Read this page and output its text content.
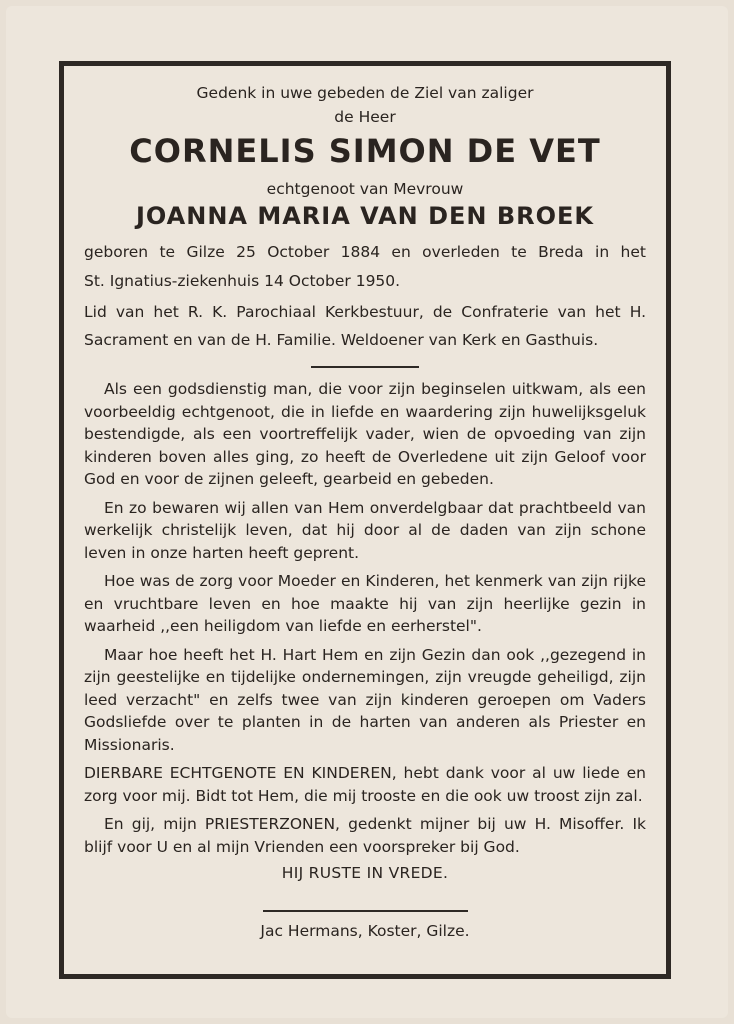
Gedenk in uwe gebeden de Ziel van zaliger

de Heer

CORNELIS SIMON DE VET

echtgenoot van Mevrouw

JOANNA MARIA VAN DEN BROEK

geboren te Gilze 25 October 1884 en overleden te Breda in het
St. Ignatius-ziekenhuis 14 October 1950.

Lid van het R. K. Parochiaal Kerkbestuur, de Confraterie van het H. Sacrament en van de H. Familie. Weldoener van Kerk en Gasthuis.

Als een godsdienstig man, die voor zijn beginselen uitkwam, als een voorbeeldig echtgenoot, die in liefde en waardering zijn huwelijksgeluk bestendigde, als een voortreffelijk vader, wien de opvoeding van zijn kinderen boven alles ging, zo heeft de Overledene uit zijn Geloof voor God en voor de zijnen geleeft, gearbeid en gebeden.

En zo bewaren wij allen van Hem onverdelgbaar dat prachtbeeld van werkelijk christelijk leven, dat hij door al de daden van zijn schone leven in onze harten heeft geprent.

Hoe was de zorg voor Moeder en Kinderen, het kenmerk van zijn rijke en vruchtbare leven en hoe maakte hij van zijn heerlijke gezin in waarheid ,,een heiligdom van liefde en eerherstel".

Maar hoe heeft het H. Hart Hem en zijn Gezin dan ook ,,gezegend in zijn geestelijke en tijdelijke ondernemingen, zijn vreugde geheiligd, zijn leed verzacht" en zelfs twee van zijn kinderen geroepen om Vaders Godsliefde over te planten in de harten van anderen als Priester en Missionaris.

DIERBARE ECHTGENOTE EN KINDEREN, hebt dank voor al uw liede en zorg voor mij. Bidt tot Hem, die mij trooste en die ook uw troost zijn zal.

En gij, mijn PRIESTERZONEN, gedenkt mijner bij uw H. Misoffer. Ik blijf voor U en al mijn Vrienden een voorspreker bij God.

HIJ RUSTE IN VREDE.

Jac Hermans, Koster, Gilze.
